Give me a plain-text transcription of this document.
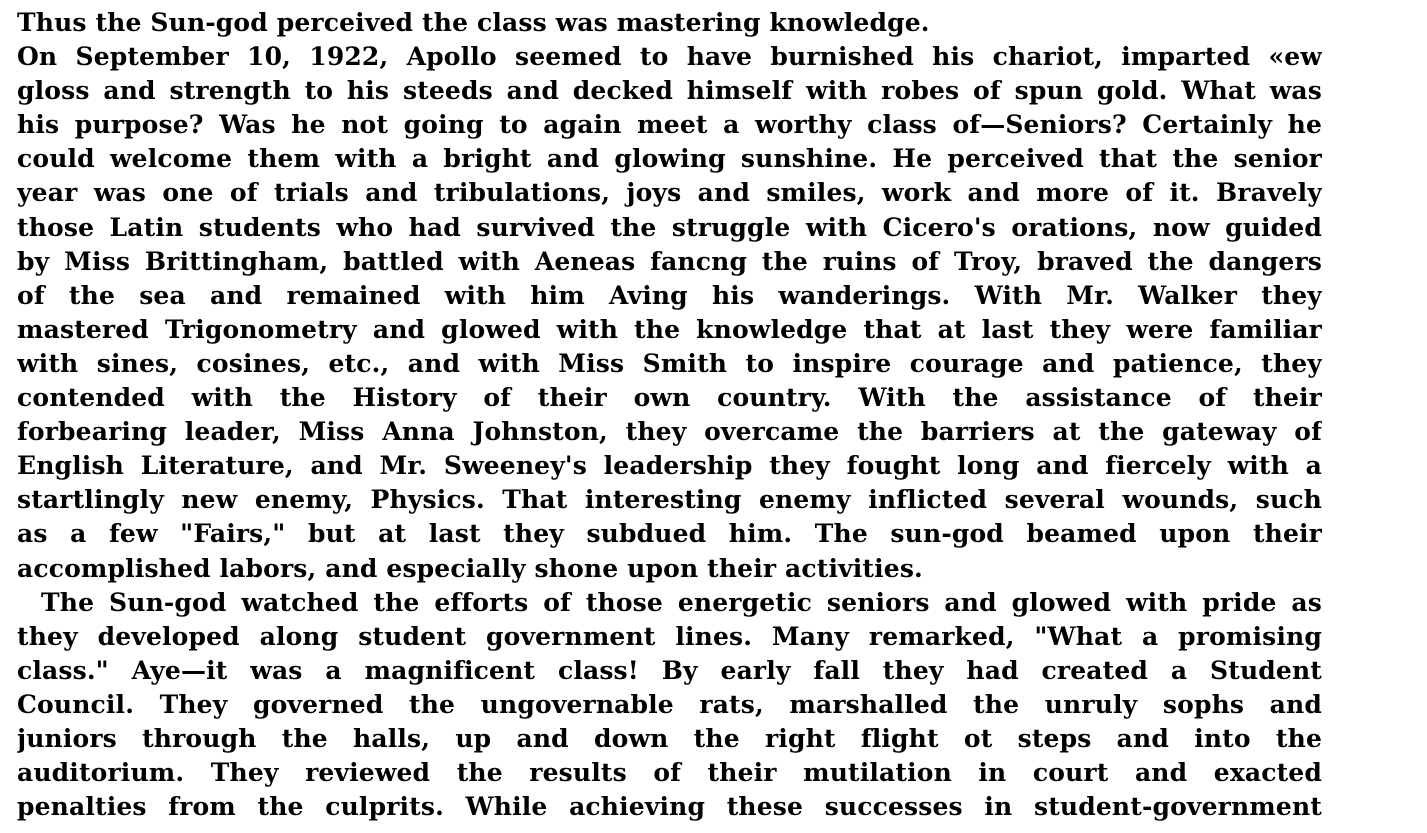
Thus the Sun-god perceived the class was mastering knowledge.
On September 10, 1922, Apollo seemed to have burnished his chariot, imparted «ew
gloss and strength to his steeds and decked himself with robes of spun gold. What was
his purpose? Was he not going to again meet a worthy class of—Seniors? Certainly he
could welcome them with a bright and glowing sunshine. He perceived that the senior
year was one of trials and tribulations, joys and smiles, work and more of it. Bravely
those Latin students who had survived the struggle with Cicero's orations, now guided
by Miss Brittingham, battled with Aeneas fancng the ruins of Troy, braved the dangers
of the sea and remained with him Aving his wanderings. With Mr. Walker they
mastered Trigonometry and glowed with the knowledge that at last they were familiar
with sines, cosines, etc., and with Miss Smith to inspire courage and patience, they
contended with the History of their own country. With the assistance of their
forbearing leader, Miss Anna Johnston, they overcame the barriers at the gateway of
English Literature, and Mr. Sweeney's leadership they fought long and fiercely with a
startlingly new enemy, Physics. That interesting enemy inflicted several wounds, such
as a few "Fairs," but at last they subdued him. The sun-god beamed upon their
accomplished labors, and especially shone upon their activities.
The Sun-god watched the efforts of those energetic seniors and glowed with pride as
they developed along student government lines. Many remarked, "What a promising
class." Aye—it was a magnificent class! By early fall they had created a Student
Council. They governed the ungovernable rats, marshalled the unruly sophs and
juniors through the halls, up and down the right flight ot steps and into the
auditorium. They reviewed the results of their mutilation in court and exacted
penalties from the culprits. While achieving these successes in student-government
